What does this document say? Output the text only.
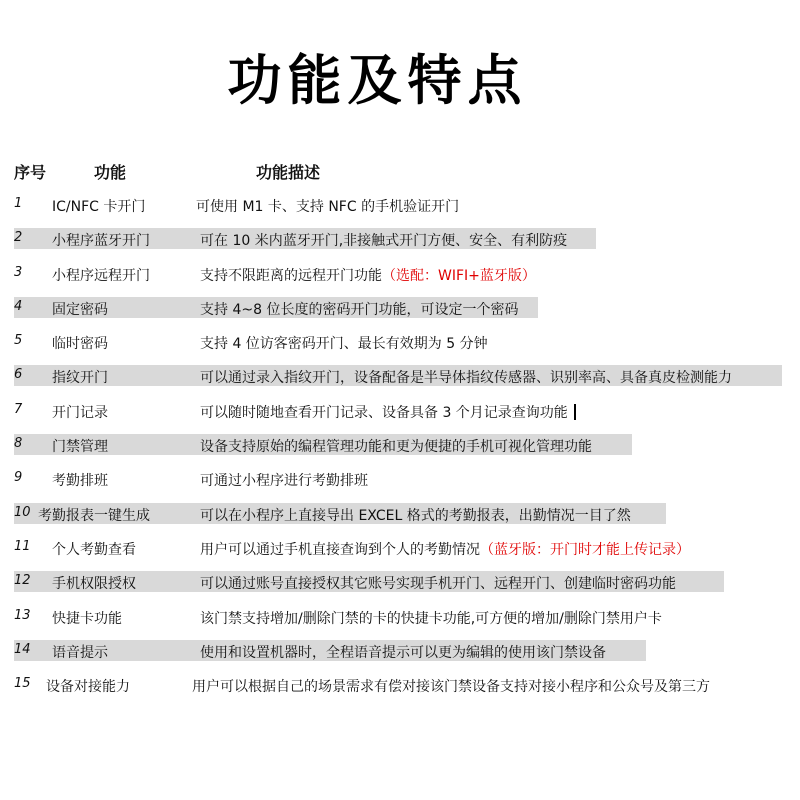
功能及特点
序号	功能	功能描述
1 IC/NFC 卡开门	可使用 M1 卡、支持 NFC 的手机验证开门
2 小程序蓝牙开门	可在 10 米内蓝牙开门,非接触式开门方便、安全、有利防疫
3 小程序远程开门	支持不限距离的远程开门功能（选配：WIFI+蓝牙版）
4 固定密码	支持 4~8 位长度的密码开门功能，可设定一个密码
5 临时密码	支持 4 位访客密码开门、最长有效期为 5 分钟
6 指纹开门	可以通过录入指纹开门，设备配备是半导体指纹传感器、识别率高、具备真皮检测能力
7 开门记录	可以随时随地查看开门记录、设备具备 3 个月记录查询功能
8 门禁管理	设备支持原始的编程管理功能和更为便捷的手机可视化管理功能
9 考勤排班	可通过小程序进行考勤排班
10 考勤报表一键生成	可以在小程序上直接导出 EXCEL 格式的考勤报表，出勤情况一目了然
11 个人考勤查看	用户可以通过手机直接查询到个人的考勤情况（蓝牙版：开门时才能上传记录）
12 手机权限授权	可以通过账号直接授权其它账号实现手机开门、远程开门、创建临时密码功能
13 快捷卡功能	该门禁支持增加/删除门禁的卡的快捷卡功能,可方便的增加/删除门禁用户卡
14 语音提示	使用和设置机器时，全程语音提示可以更为编辑的使用该门禁设备
15 设备对接能力	用户可以根据自己的场景需求有偿对接该门禁设备支持对接小程序和公众号及第三方
